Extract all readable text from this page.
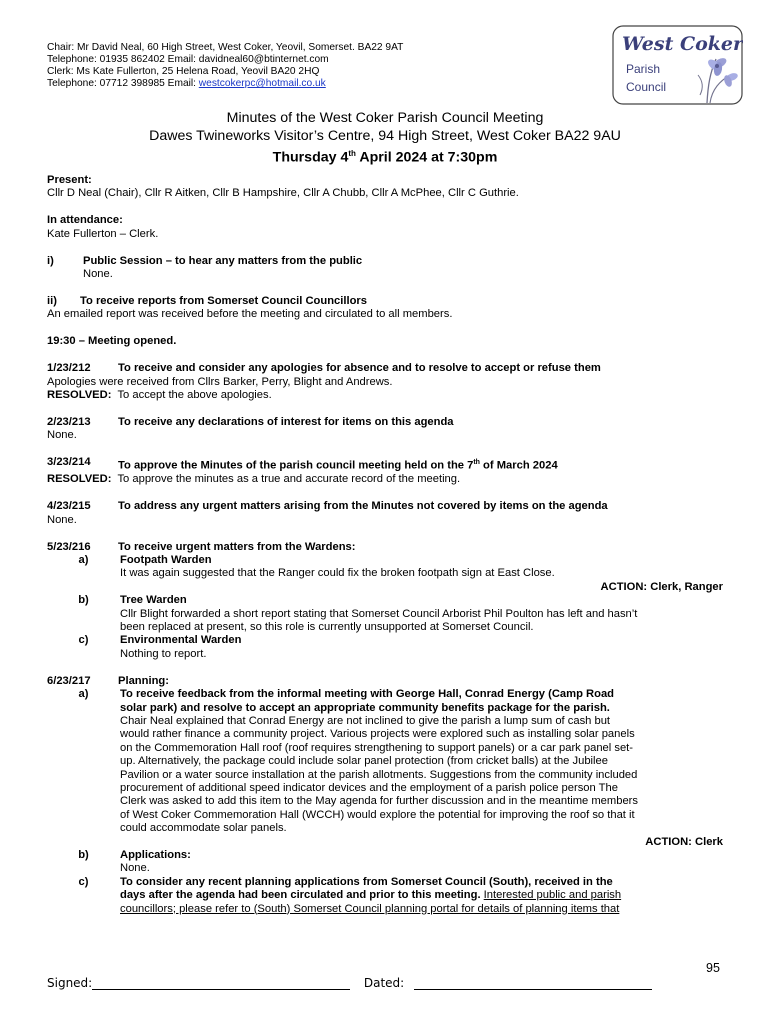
Chair: Mr David Neal, 60 High Street, West Coker, Yeovil, Somerset. BA22 9AT
Telephone: 01935 862402 Email: davidneal60@btinternet.com
Clerk: Ms Kate Fullerton, 25 Helena Road, Yeovil BA20 2HQ
Telephone: 07712 398985 Email: westcokerpc@hotmail.co.uk
West Coker
Parish
Council
Minutes of the West Coker Parish Council Meeting
Dawes Twineworks Visitor’s Centre, 94 High Street, West Coker BA22 9AU
Thursday 4th April 2024 at 7:30pm
Present:
Cllr D Neal (Chair), Cllr R Aitken, Cllr B Hampshire, Cllr A Chubb, Cllr A McPhee, Cllr C Guthrie.
In attendance:
Kate Fullerton – Clerk.
i)	Public Session – to hear any matters from the public
None.
ii)	To receive reports from Somerset Council Councillors
An emailed report was received before the meeting and circulated to all members.
19:30 – Meeting opened.
1/23/212	To receive and consider any apologies for absence and to resolve to accept or refuse them
Apologies were received from Cllrs Barker, Perry, Blight and Andrews.
RESOLVED:  To accept the above apologies.
2/23/213	To receive any declarations of interest for items on this agenda
None.
3/23/214	To approve the Minutes of the parish council meeting held on the 7th of March 2024
RESOLVED:  To approve the minutes as a true and accurate record of the meeting.
4/23/215	To address any urgent matters arising from the Minutes not covered by items on the agenda
None.
5/23/216	To receive urgent matters from the Wardens:
a)	Footpath Warden
It was again suggested that the Ranger could fix the broken footpath sign at East Close.
ACTION: Clerk, Ranger
b)	Tree Warden
Cllr Blight forwarded a short report stating that Somerset Council Arborist Phil Poulton has left and hasn’t
been replaced at present, so this role is currently unsupported at Somerset Council.
c)	Environmental Warden
Nothing to report.
6/23/217	Planning:
a)	To receive feedback from the informal meeting with George Hall, Conrad Energy (Camp Road
solar park) and resolve to accept an appropriate community benefits package for the parish.
Chair Neal explained that Conrad Energy are not inclined to give the parish a lump sum of cash but
would rather finance a community project. Various projects were explored such as installing solar panels
on the Commemoration Hall roof (roof requires strengthening to support panels) or a car park panel set-
up. Alternatively, the package could include solar panel protection (from cricket balls) at the Jubilee
Pavilion or a water source installation at the parish allotments. Suggestions from the community included
procurement of additional speed indicator devices and the employment of a parish police person The
Clerk was asked to add this item to the May agenda for further discussion and in the meantime members
of West Coker Commemoration Hall (WCCH) would explore the potential for improving the roof so that it
could accommodate solar panels.
ACTION: Clerk
b)	Applications:
None.
c)	To consider any recent planning applications from Somerset Council (South), received in the
days after the agenda had been circulated and prior to this meeting. Interested public and parish
councillors; please refer to (South) Somerset Council planning portal for details of planning items that
95
Signed:	Dated:
